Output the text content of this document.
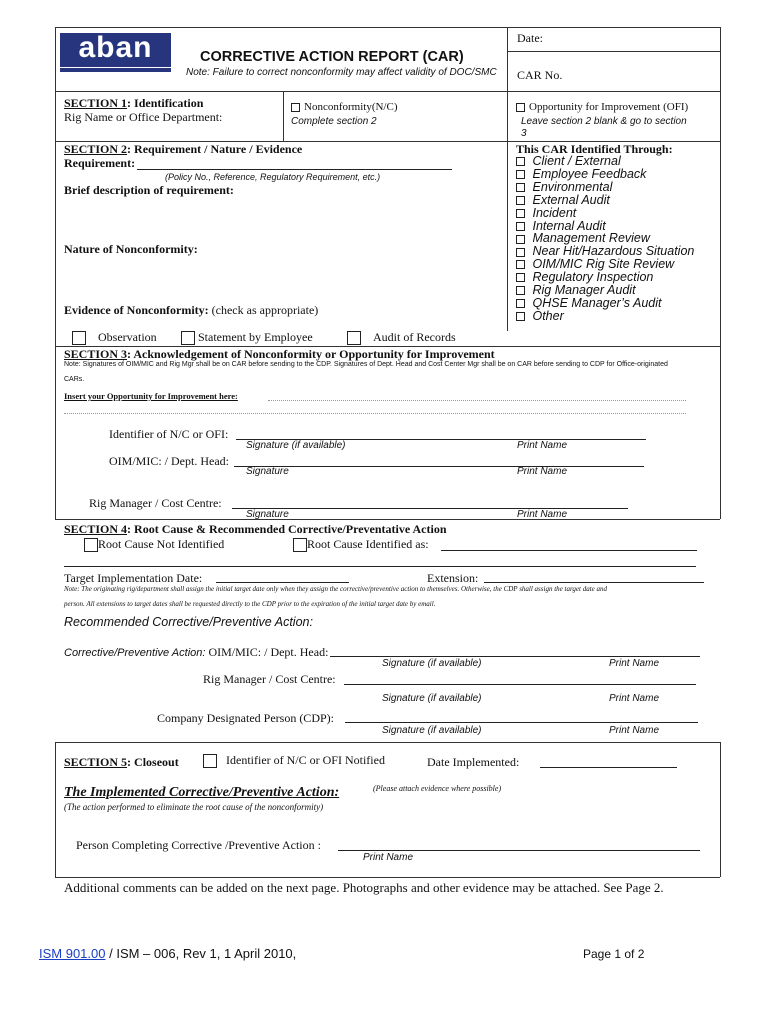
aban	CORRECTIVE ACTION REPORT (CAR)
Note: Failure to correct nonconformity may affect validity of DOC/SMC
Date:
CAR No.
SECTION 1: Identification
Rig Name or Office Department:
Nonconformity(N/C)
Complete section 2
Opportunity for Improvement (OFI)
Leave section 2 blank & go to section
3
SECTION 2: Requirement / Nature / Evidence
Requirement:
(Policy No., Reference, Regulatory Requirement, etc.)
Brief description of requirement:
Nature of Nonconformity:
Evidence of Nonconformity: (check as appropriate)
Observation	Statement by Employee	Audit of Records
This CAR Identified Through:
Client / External
Employee Feedback
Environmental
External Audit
Incident
Internal Audit
Management Review
Near Hit/Hazardous Situation
OIM/MIC Rig Site Review
Regulatory Inspection
Rig Manager Audit
QHSE Manager’s Audit
Other
SECTION 3: Acknowledgement of Nonconformity or Opportunity for Improvement
Note: Signatures of OIM/MIC and Rig Mgr shall be on CAR before sending to the CDP. Signatures of Dept. Head and Cost Center Mgr shall be on CAR before sending to CDP for Office-originated
CARs.
Insert your Opportunity for Improvement here:
Identifier of N/C or OFI:
Signature (if available)	Print Name
OIM/MIC: / Dept. Head:
Signature	Print Name
Rig Manager / Cost Centre:
Signature	Print Name
SECTION 4: Root Cause & Recommended Corrective/Preventative Action
Root Cause Not Identified	Root Cause Identified as:
Target Implementation Date:	Extension:
Note: The originating rig/department shall assign the initial target date only when they assign the corrective/preventive action to themselves. Otherwise, the CDP shall assign the target date and
person. All extensions to target dates shall be requested directly to the CDP prior to the expiration of the initial target date by email.
Recommended Corrective/Preventive Action:
Corrective/Preventive Action: OIM/MIC: / Dept. Head:
Signature (if available)	Print Name
Rig Manager / Cost Centre:
Signature (if available)	Print Name
Company Designated Person (CDP):
Signature (if available)	Print Name
SECTION 5: Closeout	Identifier of N/C or OFI Notified	Date Implemented:
The Implemented Corrective/Preventive Action:	(Please attach evidence where possible)
(The action performed to eliminate the root cause of the nonconformity)
Person Completing Corrective /Preventive Action :
Print Name
Additional comments can be added on the next page. Photographs and other evidence may be attached. See Page 2.
ISM 901.00 / ISM – 006, Rev 1, 1 April 2010,	Page 1 of 2
